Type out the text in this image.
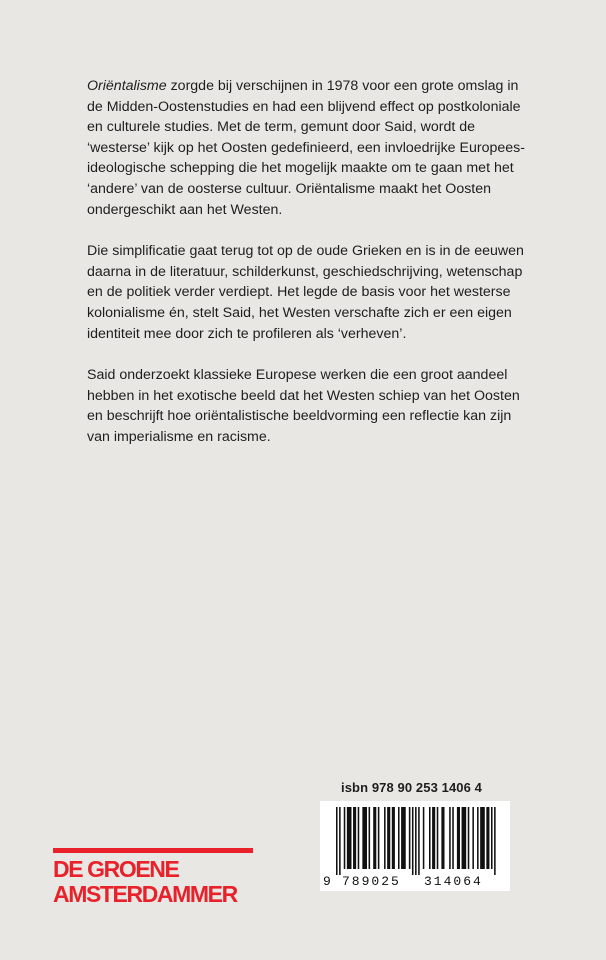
Oriëntalisme zorgde bij verschijnen in 1978 voor een grote omslag in de Midden-Oostenstudies en had een blijvend effect op postkoloniale en culturele studies. Met de term, gemunt door Said, wordt de ‘westerse’ kijk op het Oosten gedefinieerd, een invloedrijke Europees-ideologische schepping die het mogelijk maakte om te gaan met het ‘andere’ van de oosterse cultuur. Oriëntalisme maakt het Oosten ondergeschikt aan het Westen.

Die simplificatie gaat terug tot op de oude Grieken en is in de eeuwen daarna in de literatuur, schilderkunst, geschiedschrijving, wetenschap en de politiek verder verdiept. Het legde de basis voor het westerse kolonialisme én, stelt Said, het Westen verschafte zich er een eigen identiteit mee door zich te profileren als ‘verheven’.

Said onderzoekt klassieke Europese werken die een groot aandeel hebben in het exotische beeld dat het Westen schiep van het Oosten en beschrijft hoe oriëntalistische beeldvorming een reflectie kan zijn van imperialisme en racisme.

isbn 978 90 253 1406 4
9 789025 314064
DE GROENE
AMSTERDAMMER
